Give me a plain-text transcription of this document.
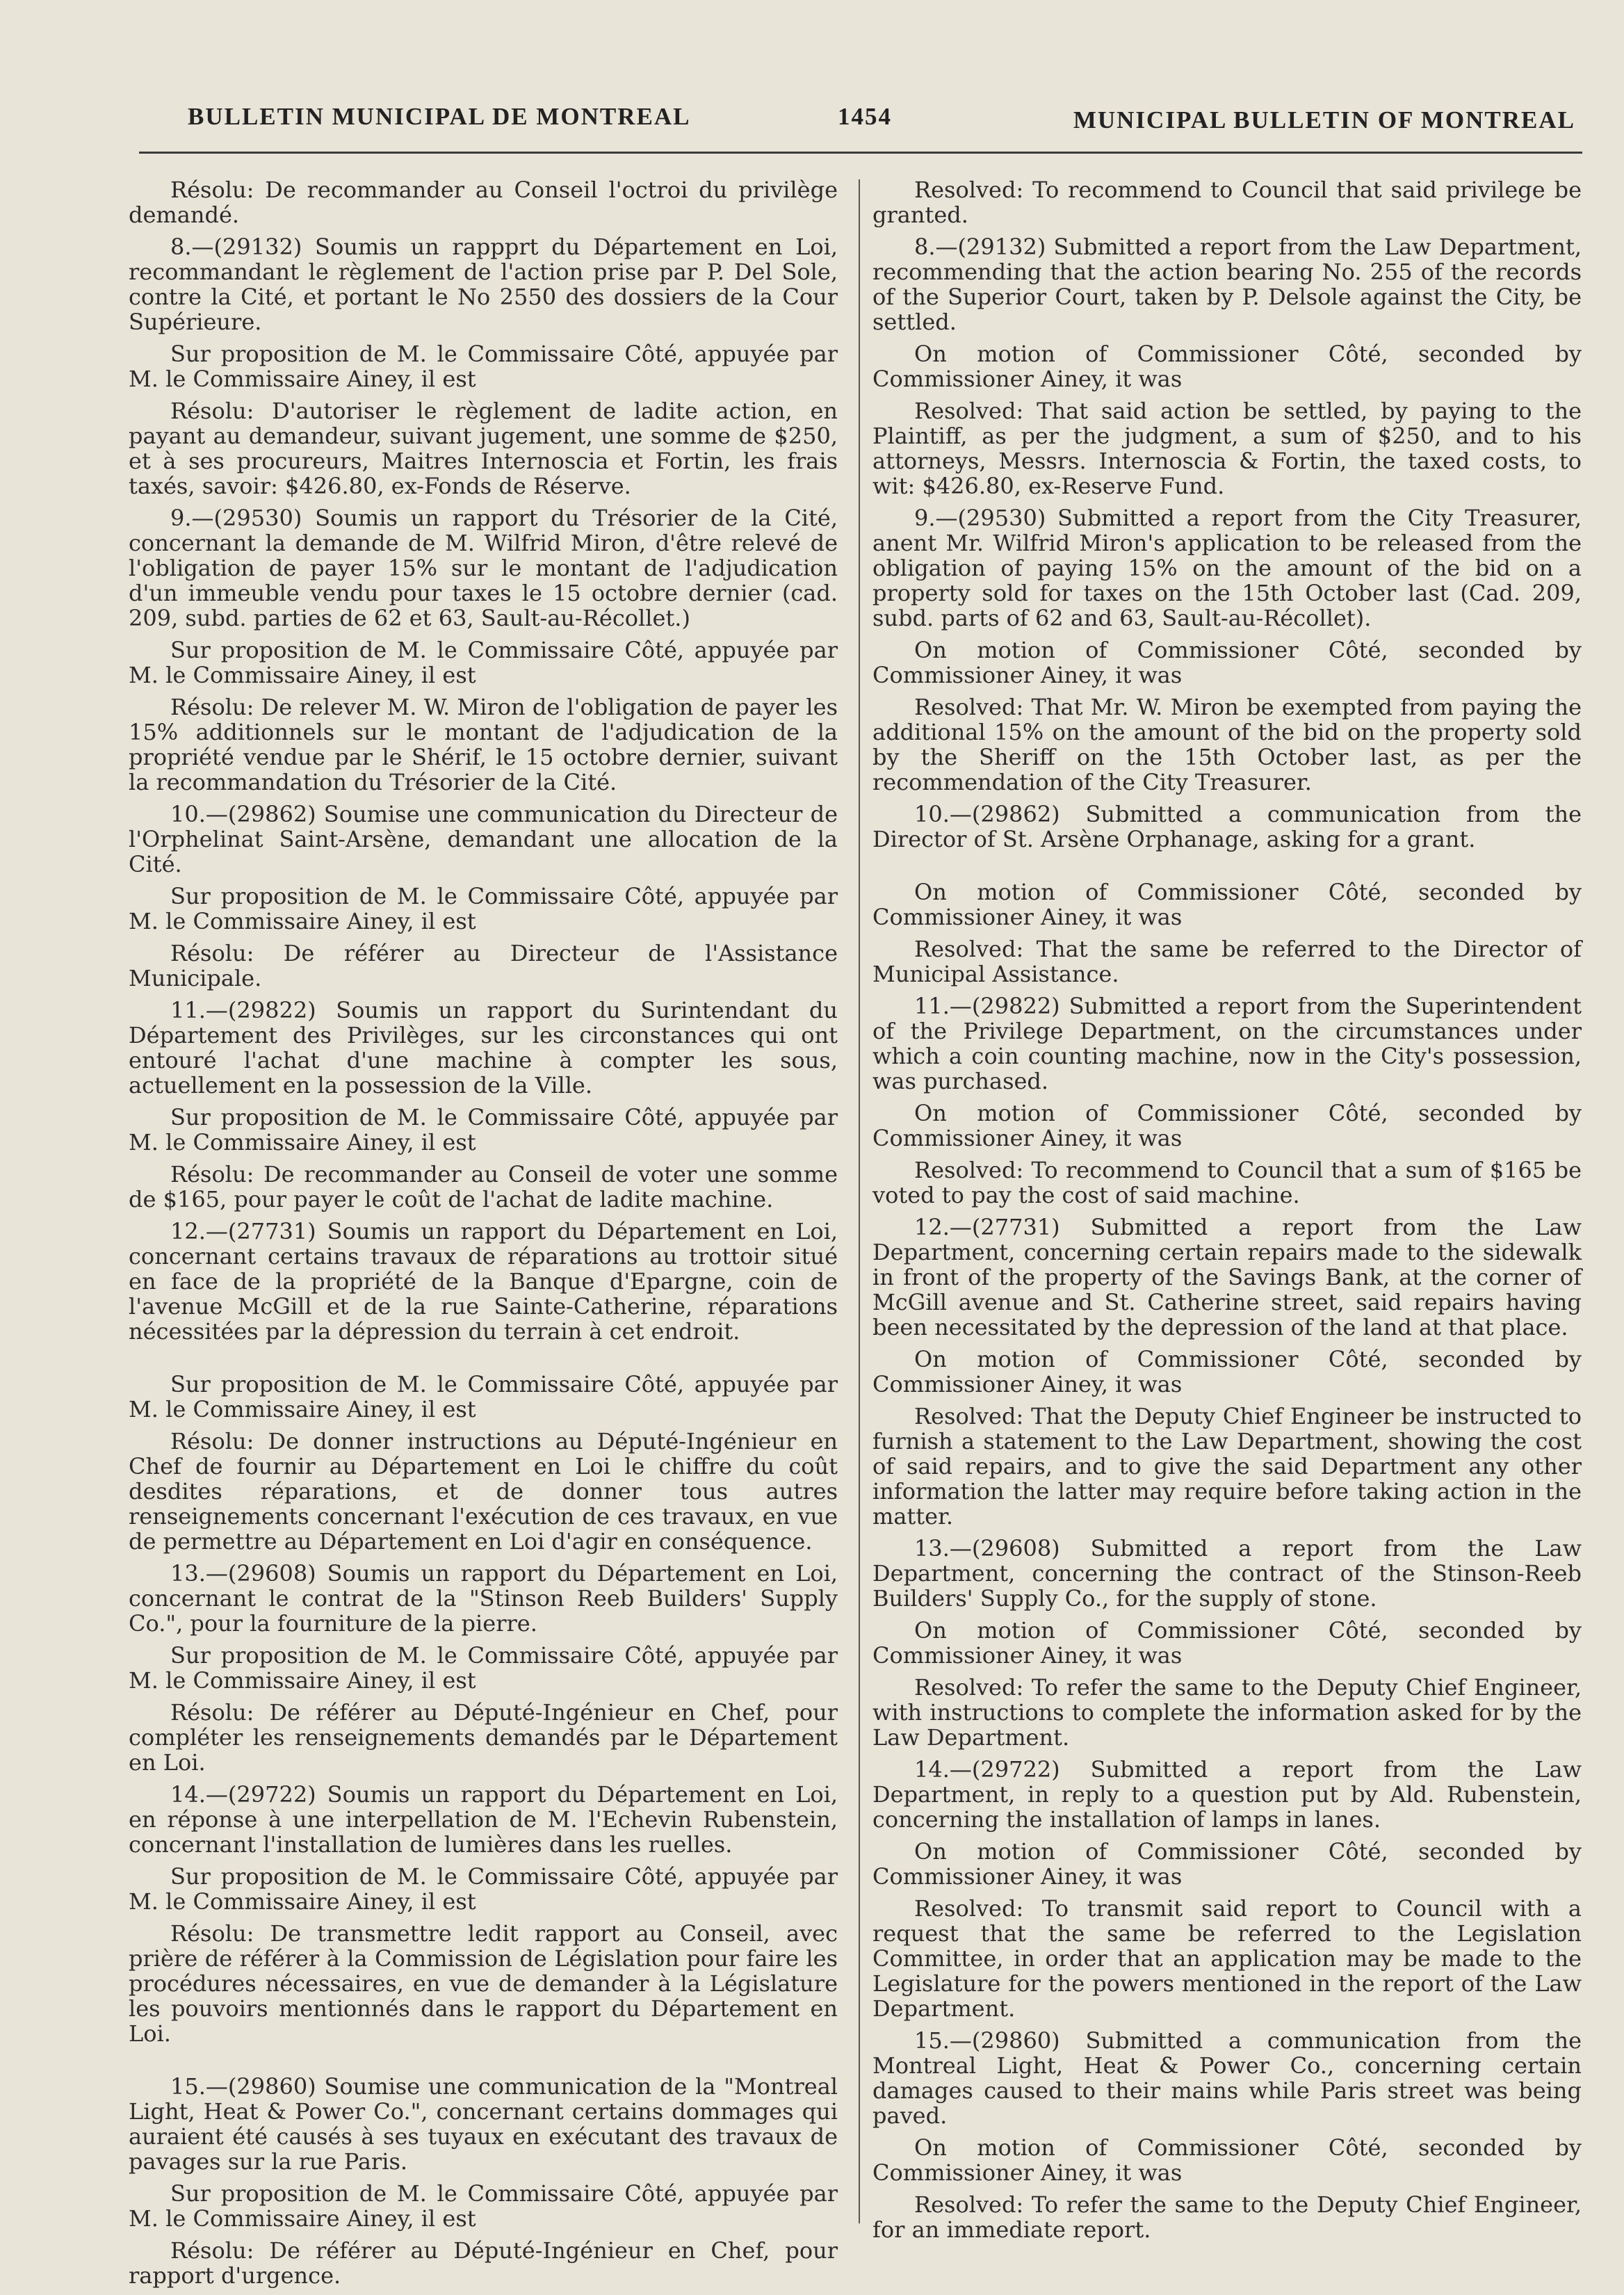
BULLETIN MUNICIPAL DE MONTREAL	1454	MUNICIPAL BULLETIN OF MONTREAL

Résolu: De recommander au Conseil l'octroi du privilège demandé.

8.—(29132) Soumis un rappprt du Département en Loi, recommandant le règlement de l'action prise par P. Del Sole, contre la Cité, et portant le No 2550 des dossiers de la Cour Supérieure.

Sur proposition de M. le Commissaire Côté, appuyée par M. le Commissaire Ainey, il est

Résolu: D'autoriser le règlement de ladite action, en payant au demandeur, suivant jugement, une somme de $250, et à ses procureurs, Maitres Internoscia et Fortin, les frais taxés, savoir: $426.80, ex-Fonds de Réserve.

9.—(29530) Soumis un rapport du Trésorier de la Cité, concernant la demande de M. Wilfrid Miron, d'être relevé de l'obligation de payer 15% sur le montant de l'adjudication d'un immeuble vendu pour taxes le 15 octobre dernier (cad. 209, subd. parties de 62 et 63, Sault-au-Récollet.)

Sur proposition de M. le Commissaire Côté, appuyée par M. le Commissaire Ainey, il est

Résolu: De relever M. W. Miron de l'obligation de payer les 15% additionnels sur le montant de l'adjudication de la propriété vendue par le Shérif, le 15 octobre dernier, suivant la recommandation du Trésorier de la Cité.

10.—(29862) Soumise une communication du Directeur de l'Orphelinat Saint-Arsène, demandant une allocation de la Cité.

Sur proposition de M. le Commissaire Côté, appuyée par M. le Commissaire Ainey, il est

Résolu: De référer au Directeur de l'Assistance Municipale.

11.—(29822) Soumis un rapport du Surintendant du Département des Privilèges, sur les circonstances qui ont entouré l'achat d'une machine à compter les sous, actuellement en la possession de la Ville.

Sur proposition de M. le Commissaire Côté, appuyée par M. le Commissaire Ainey, il est

Résolu: De recommander au Conseil de voter une somme de $165, pour payer le coût de l'achat de ladite machine.

12.—(27731) Soumis un rapport du Département en Loi, concernant certains travaux de réparations au trottoir situé en face de la propriété de la Banque d'Epargne, coin de l'avenue McGill et de la rue Sainte-Catherine, réparations nécessitées par la dépression du terrain à cet endroit.

Sur proposition de M. le Commissaire Côté, appuyée par M. le Commissaire Ainey, il est

Résolu: De donner instructions au Député-Ingénieur en Chef de fournir au Département en Loi le chiffre du coût desdites réparations, et de donner tous autres renseignements concernant l'exécution de ces travaux, en vue de permettre au Département en Loi d'agir en conséquence.

13.—(29608) Soumis un rapport du Département en Loi, concernant le contrat de la "Stinson Reeb Builders' Supply Co.", pour la fourniture de la pierre.

Sur proposition de M. le Commissaire Côté, appuyée par M. le Commissaire Ainey, il est

Résolu: De référer au Député-Ingénieur en Chef, pour compléter les renseignements demandés par le Département en Loi.

14.—(29722) Soumis un rapport du Département en Loi, en réponse à une interpellation de M. l'Echevin Rubenstein, concernant l'installation de lumières dans les ruelles.

Sur proposition de M. le Commissaire Côté, appuyée par M. le Commissaire Ainey, il est

Résolu: De transmettre ledit rapport au Conseil, avec prière de référer à la Commission de Législation pour faire les procédures nécessaires, en vue de demander à la Législature les pouvoirs mentionnés dans le rapport du Département en Loi.

15.—(29860) Soumise une communication de la "Montreal Light, Heat & Power Co.", concernant certains dommages qui auraient été causés à ses tuyaux en exécutant des travaux de pavages sur la rue Paris.

Sur proposition de M. le Commissaire Côté, appuyée par M. le Commissaire Ainey, il est

Résolu: De référer au Député-Ingénieur en Chef, pour rapport d'urgence.

Resolved: To recommend to Council that said privilege be granted.

8.—(29132) Submitted a report from the Law Department, recommending that the action bearing No. 255 of the records of the Superior Court, taken by P. Delsole against the City, be settled.

On motion of Commissioner Côté, seconded by Commissioner Ainey, it was

Resolved: That said action be settled, by paying to the Plaintiff, as per the judgment, a sum of $250, and to his attorneys, Messrs. Internoscia & Fortin, the taxed costs, to wit: $426.80, ex-Reserve Fund.

9.—(29530) Submitted a report from the City Treasurer, anent Mr. Wilfrid Miron's application to be released from the obligation of paying 15% on the amount of the bid on a property sold for taxes on the 15th October last (Cad. 209, subd. parts of 62 and 63, Sault-au-Récollet).

On motion of Commissioner Côté, seconded by Commissioner Ainey, it was

Resolved: That Mr. W. Miron be exempted from paying the additional 15% on the amount of the bid on the property sold by the Sheriff on the 15th October last, as per the recommendation of the City Treasurer.

10.—(29862) Submitted a communication from the Director of St. Arsène Orphanage, asking for a grant.

On motion of Commissioner Côté, seconded by Commissioner Ainey, it was

Resolved: That the same be referred to the Director of Municipal Assistance.

11.—(29822) Submitted a report from the Superintendent of the Privilege Department, on the circumstances under which a coin counting machine, now in the City's possession, was purchased.

On motion of Commissioner Côté, seconded by Commissioner Ainey, it was

Resolved: To recommend to Council that a sum of $165 be voted to pay the cost of said machine.

12.—(27731) Submitted a report from the Law Department, concerning certain repairs made to the sidewalk in front of the property of the Savings Bank, at the corner of McGill avenue and St. Catherine street, said repairs having been necessitated by the depression of the land at that place.

On motion of Commissioner Côté, seconded by Commissioner Ainey, it was

Resolved: That the Deputy Chief Engineer be instructed to furnish a statement to the Law Department, showing the cost of said repairs, and to give the said Department any other information the latter may require before taking action in the matter.

13.—(29608) Submitted a report from the Law Department, concerning the contract of the Stinson-Reeb Builders' Supply Co., for the supply of stone.

On motion of Commissioner Côté, seconded by Commissioner Ainey, it was

Resolved: To refer the same to the Deputy Chief Engineer, with instructions to complete the information asked for by the Law Department.

14.—(29722) Submitted a report from the Law Department, in reply to a question put by Ald. Rubenstein, concerning the installation of lamps in lanes.

On motion of Commissioner Côté, seconded by Commissioner Ainey, it was

Resolved: To transmit said report to Council with a request that the same be referred to the Legislation Committee, in order that an application may be made to the Legislature for the powers mentioned in the report of the Law Department.

15.—(29860) Submitted a communication from the Montreal Light, Heat & Power Co., concerning certain damages caused to their mains while Paris street was being paved.

On motion of Commissioner Côté, seconded by Commissioner Ainey, it was

Resolved: To refer the same to the Deputy Chief Engineer, for an immediate report.
